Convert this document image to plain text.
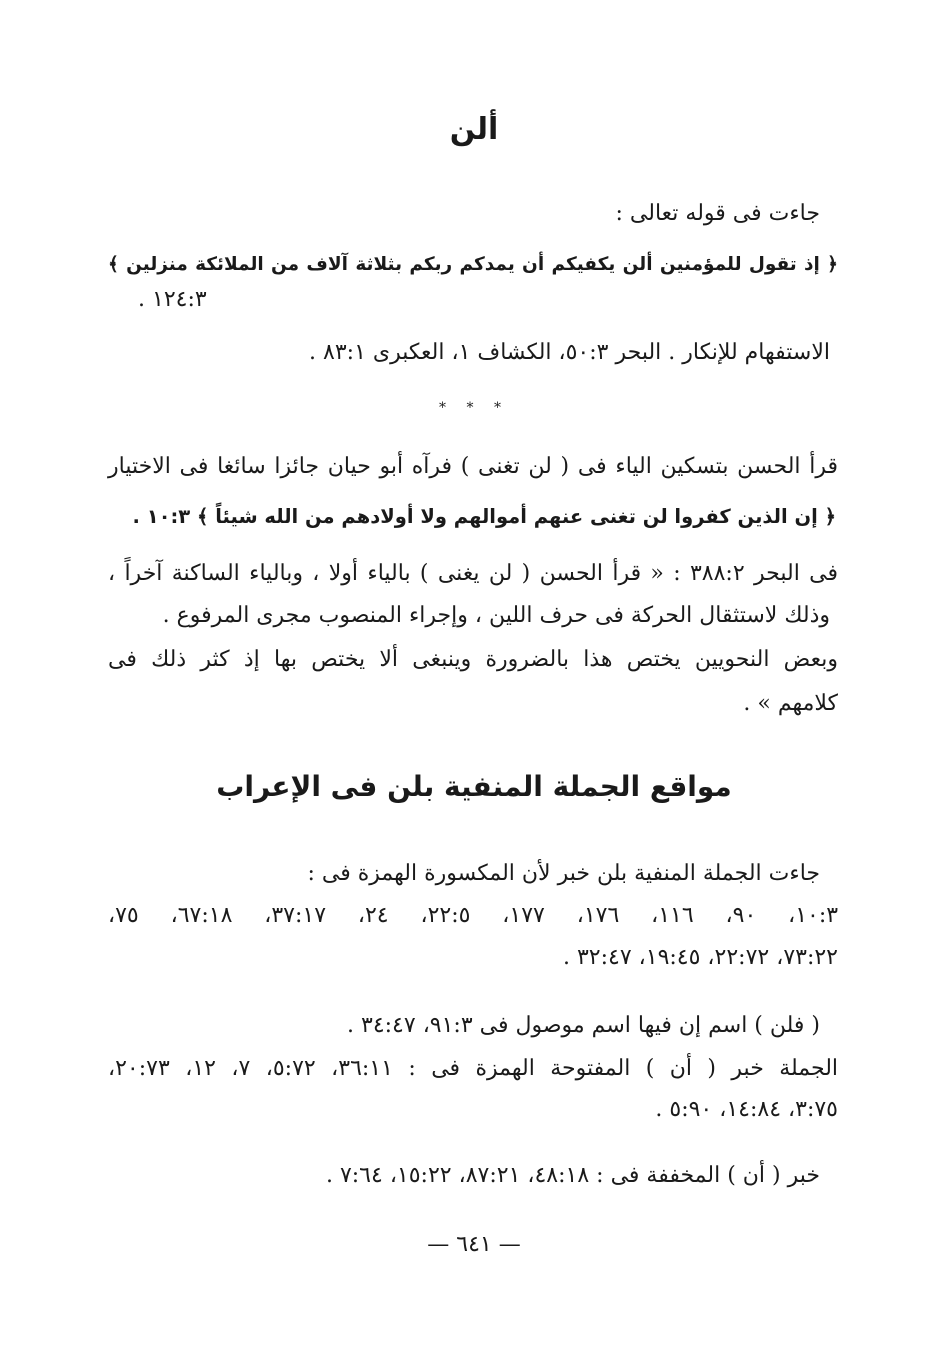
ألن
جاءت فى قوله تعالى :
﴿ إذ تقول للمؤمنين ألن يكفيكم أن يمدكم ربكم بثلاثة آلاف من الملائكة منزلين ﴾
١٢٤:٣ .
الاستفهام للإنكار . البحر ٥٠:٣، الكشاف ١، العكبرى ٨٣:١ .
* * *
قرأ الحسن بتسكين الياء فى ( لن تغنى ) فرآه أبو حيان جائزا سائغا فى الاختيار
﴿ إن الذين كفروا لن تغنى عنهم أموالهم ولا أولادهم من الله شيئاً ﴾ ١٠:٣ .
فى البحر ٣٨٨:٢ : « قرأ الحسن ( لن يغنى ) بالياء أولا ، وبالياء الساكنة آخراً ،
وذلك لاستثقال الحركة فى حرف اللين ، وإجراء المنصوب مجرى المرفوع .
وبعض النحويين يختص هذا بالضرورة وينبغى ألا يختص بها إذ كثر ذلك فى
كلامهم » .
مواقع الجملة المنفية بلن فى الإعراب
جاءت الجملة المنفية بلن خبر لأن المكسورة الهمزة فى :
١٠:٣، ٩٠، ١١٦، ١٧٦، ١٧٧، ٢٢:٥، ٢٤، ٣٧:١٧، ٦٧:١٨، ٧٥،
٧٣:٢٢، ٢٢:٧٢، ١٩:٤٥، ٣٢:٤٧ .
( فلن ) اسم إن فيها اسم موصول فى ٩١:٣، ٣٤:٤٧ .
الجملة خبر ( أن ) المفتوحة الهمزة فى : ٣٦:١١، ٥:٧٢، ٧، ١٢، ٢٠:٧٣،
٣:٧٥، ١٤:٨٤، ٥:٩٠ .
خبر ( أن ) المخففة فى : ٤٨:١٨، ٨٧:٢١، ١٥:٢٢، ٧:٦٤ .
— ٦٤١ —
